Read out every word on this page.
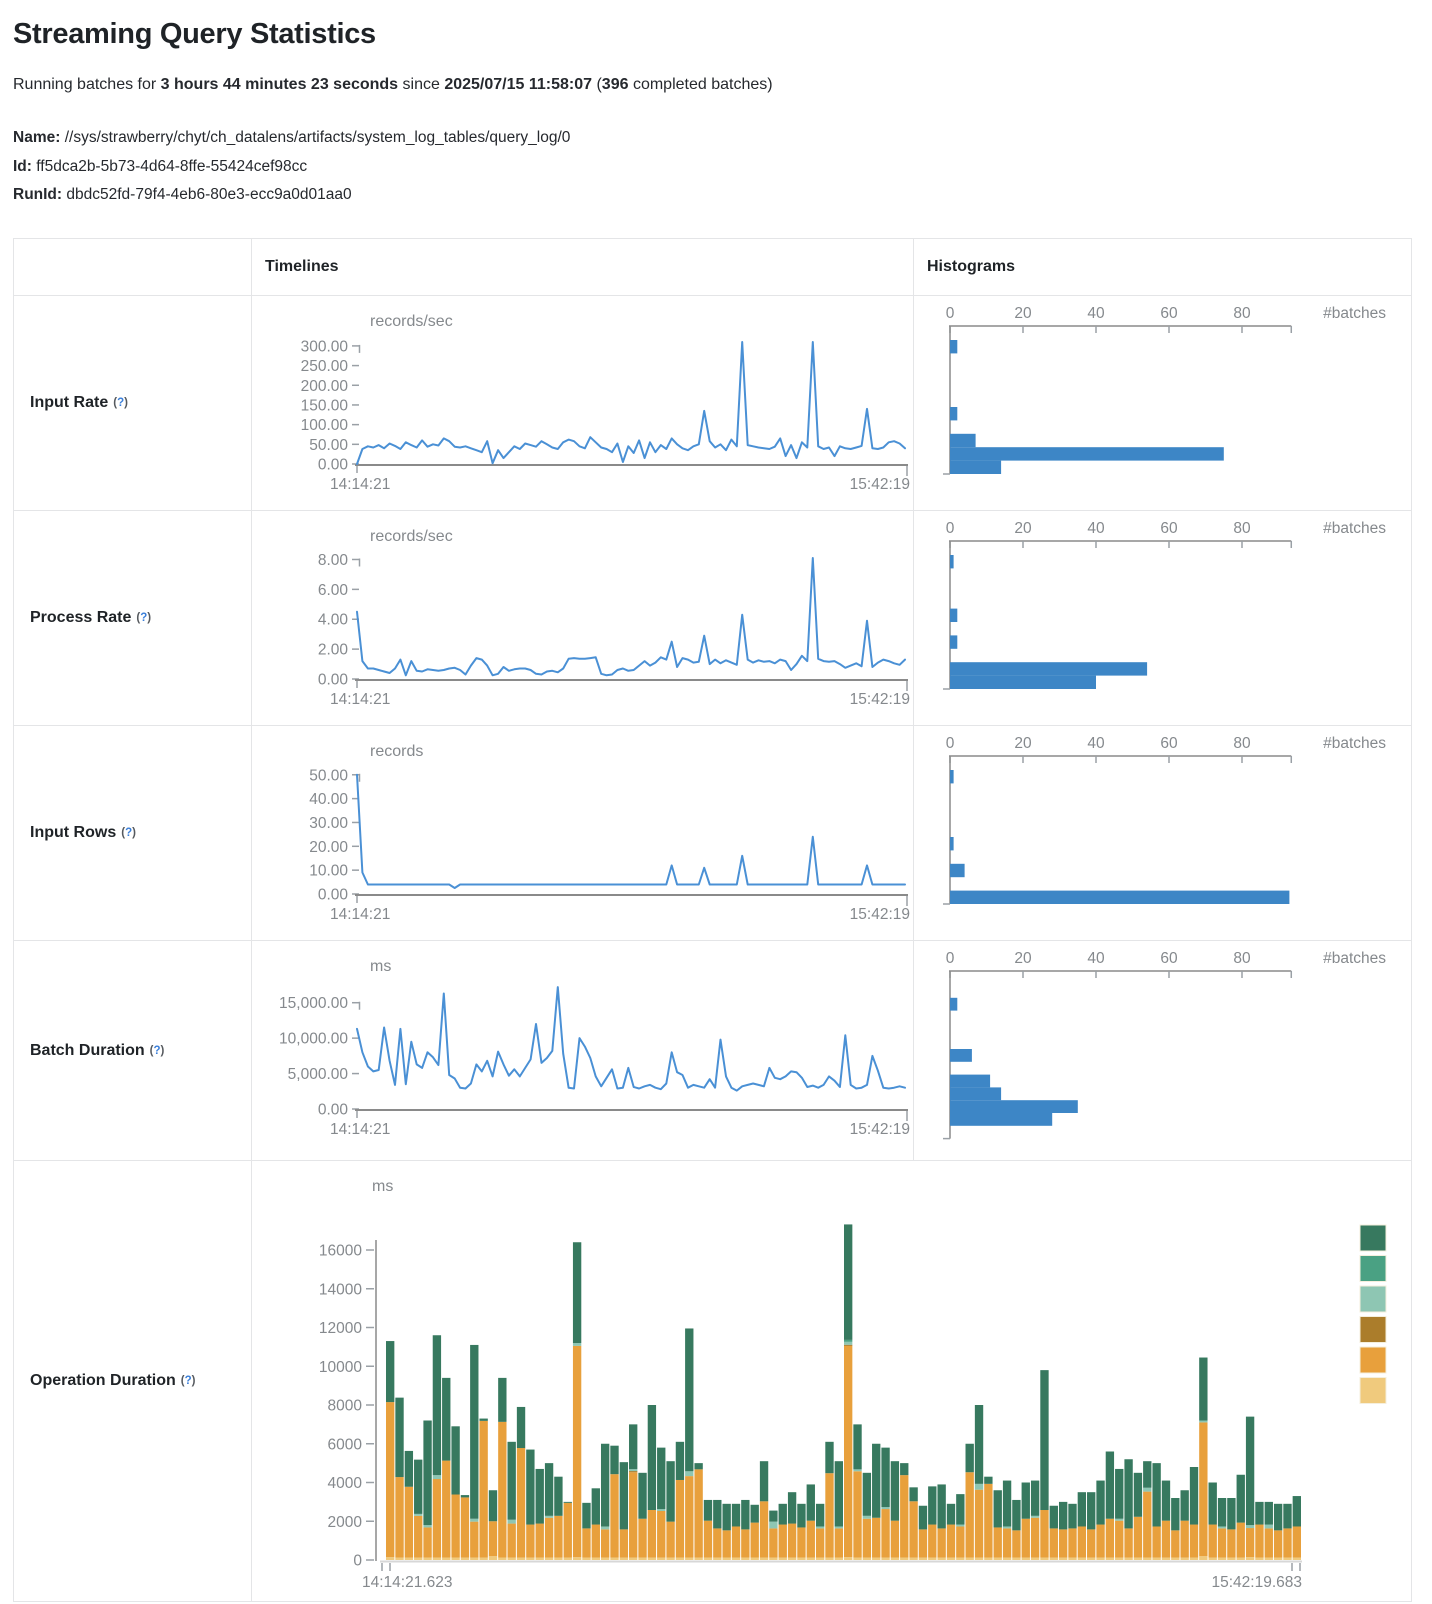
Streaming Query Statistics

Running batches for 3 hours 44 minutes 23 seconds since 2025/07/15 11:58:07 (396 completed batches)

Name: //sys/strawberry/chyt/ch_datalens/artifacts/system_log_tables/query_log/0
Id: ff5dca2b-5b73-4d64-8ffe-55424cef98cc
RunId: dbdc52fd-79f4-4eb6-80e3-ecc9a0d01aa0
Timelines	Histograms
Input Rate (?)
records/sec
0.00
50.00
100.00
150.00
200.00
250.00
300.00
14:14:21	15:42:19
0	20	40	60	80	#batches
Process Rate (?)
records/sec
0.00
2.00
4.00
6.00
8.00
14:14:21	15:42:19
0	20	40	60	80	#batches
Input Rows (?)
records
0.00
10.00
20.00
30.00
40.00
50.00
14:14:21	15:42:19
0	20	40	60	80	#batches
Batch Duration (?)
ms
0.00
5,000.00
10,000.00
15,000.00
14:14:21	15:42:19
0	20	40	60	80	#batches
Operation Duration (?)
ms
0
2000
4000
6000
8000
10000
12000
14000
16000
14:14:21.623	15:42:19.683
